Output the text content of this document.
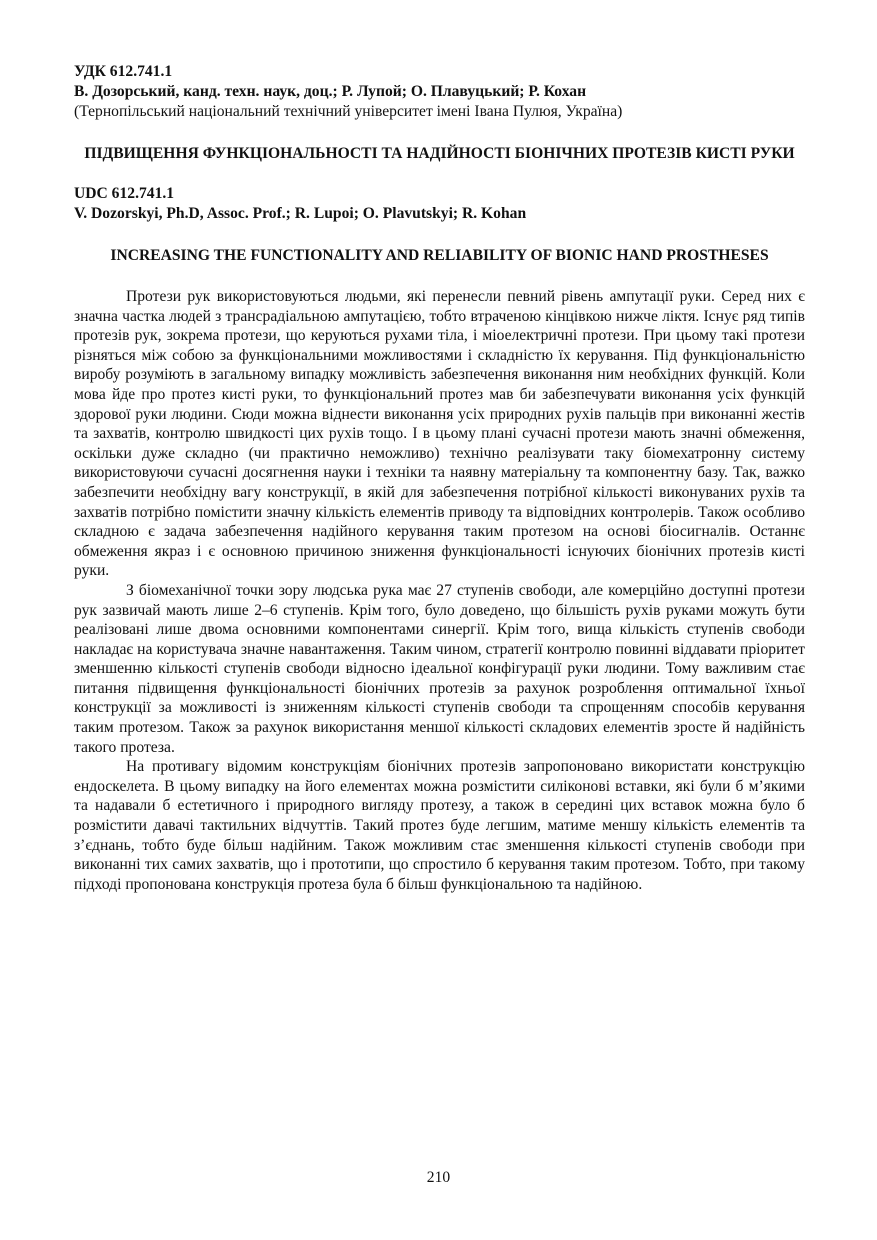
УДК 612.741.1

В. Дозорський, канд. техн. наук, доц.; Р. Лупой; О. Плавуцький; Р. Кохан

(Тернопільський національний технічний університет імені Івана Пулюя, Україна)

ПІДВИЩЕННЯ ФУНКЦІОНАЛЬНОСТІ ТА НАДІЙНОСТІ БІОНІЧНИХ ПРОТЕЗІВ КИСТІ РУКИ

UDC 612.741.1

V. Dozorskyi, Ph.D, Assoc. Prof.; R. Lupoi; O. Plavutskyi; R. Kohan

INCREASING THE FUNCTIONALITY AND RELIABILITY OF BIONIC HAND PROSTHESES

Протези рук використовуються людьми, які перенесли певний рівень ампутації руки. Серед них є значна частка людей з трансрадіальною ампутацією, тобто втраченою кінцівкою нижче ліктя. Існує ряд типів протезів рук, зокрема протези, що керуються рухами тіла, і міоелектричні протези. При цьому такі протези різняться між собою за функціональними можливостями і складністю їх керування. Під функціональністю виробу розуміють в загальному випадку можливість забезпечення виконання ним необхідних функцій. Коли мова йде про протез кисті руки, то функціональний протез мав би забезпечувати виконання усіх функцій здорової руки людини. Сюди можна віднести виконання усіх природних рухів пальців при виконанні жестів та захватів, контролю швидкості цих рухів тощо. І в цьому плані сучасні протези мають значні обмеження, оскільки дуже складно (чи практично неможливо) технічно реалізувати таку біомехатронну систему використовуючи сучасні досягнення науки і техніки та наявну матеріальну та компонентну базу. Так, важко забезпечити необхідну вагу конструкції, в якій для забезпечення потрібної кількості виконуваних рухів та захватів потрібно помістити значну кількість елементів приводу та відповідних контролерів. Також особливо складною є задача забезпечення надійного керування таким протезом на основі біосигналів. Останнє обмеження якраз і є основною причиною зниження функціональності існуючих біонічних протезів кисті руки.

З біомеханічної точки зору людська рука має 27 ступенів свободи, але комерційно доступні протези рук зазвичай мають лише 2–6 ступенів. Крім того, було доведено, що більшість рухів руками можуть бути реалізовані лише двома основними компонентами синергії. Крім того, вища кількість ступенів свободи накладає на користувача значне навантаження. Таким чином, стратегії контролю повинні віддавати пріоритет зменшенню кількості ступенів свободи відносно ідеальної конфігурації руки людини. Тому важливим стає питання підвищення функціональності біонічних протезів за рахунок розроблення оптимальної їхньої конструкції за можливості із зниженням кількості ступенів свободи та спрощенням способів керування таким протезом. Також за рахунок використання меншої кількості складових елементів зросте й надійність такого протеза.

На противагу відомим конструкціям біонічних протезів запропоновано використати конструкцію ендоскелета. В цьому випадку на його елементах можна розмістити силіконові вставки, які були б м’якими та надавали б естетичного і природного вигляду протезу, а також в середині цих вставок можна було б розмістити давачі тактильних відчуттів. Такий протез буде легшим, матиме меншу кількість елементів та з’єднань, тобто буде більш надійним. Також можливим стає зменшення кількості ступенів свободи при виконанні тих самих захватів, що і прототипи, що спростило б керування таким протезом. Тобто, при такому підході пропонована конструкція протеза була б більш функціональною та надійною.

210
